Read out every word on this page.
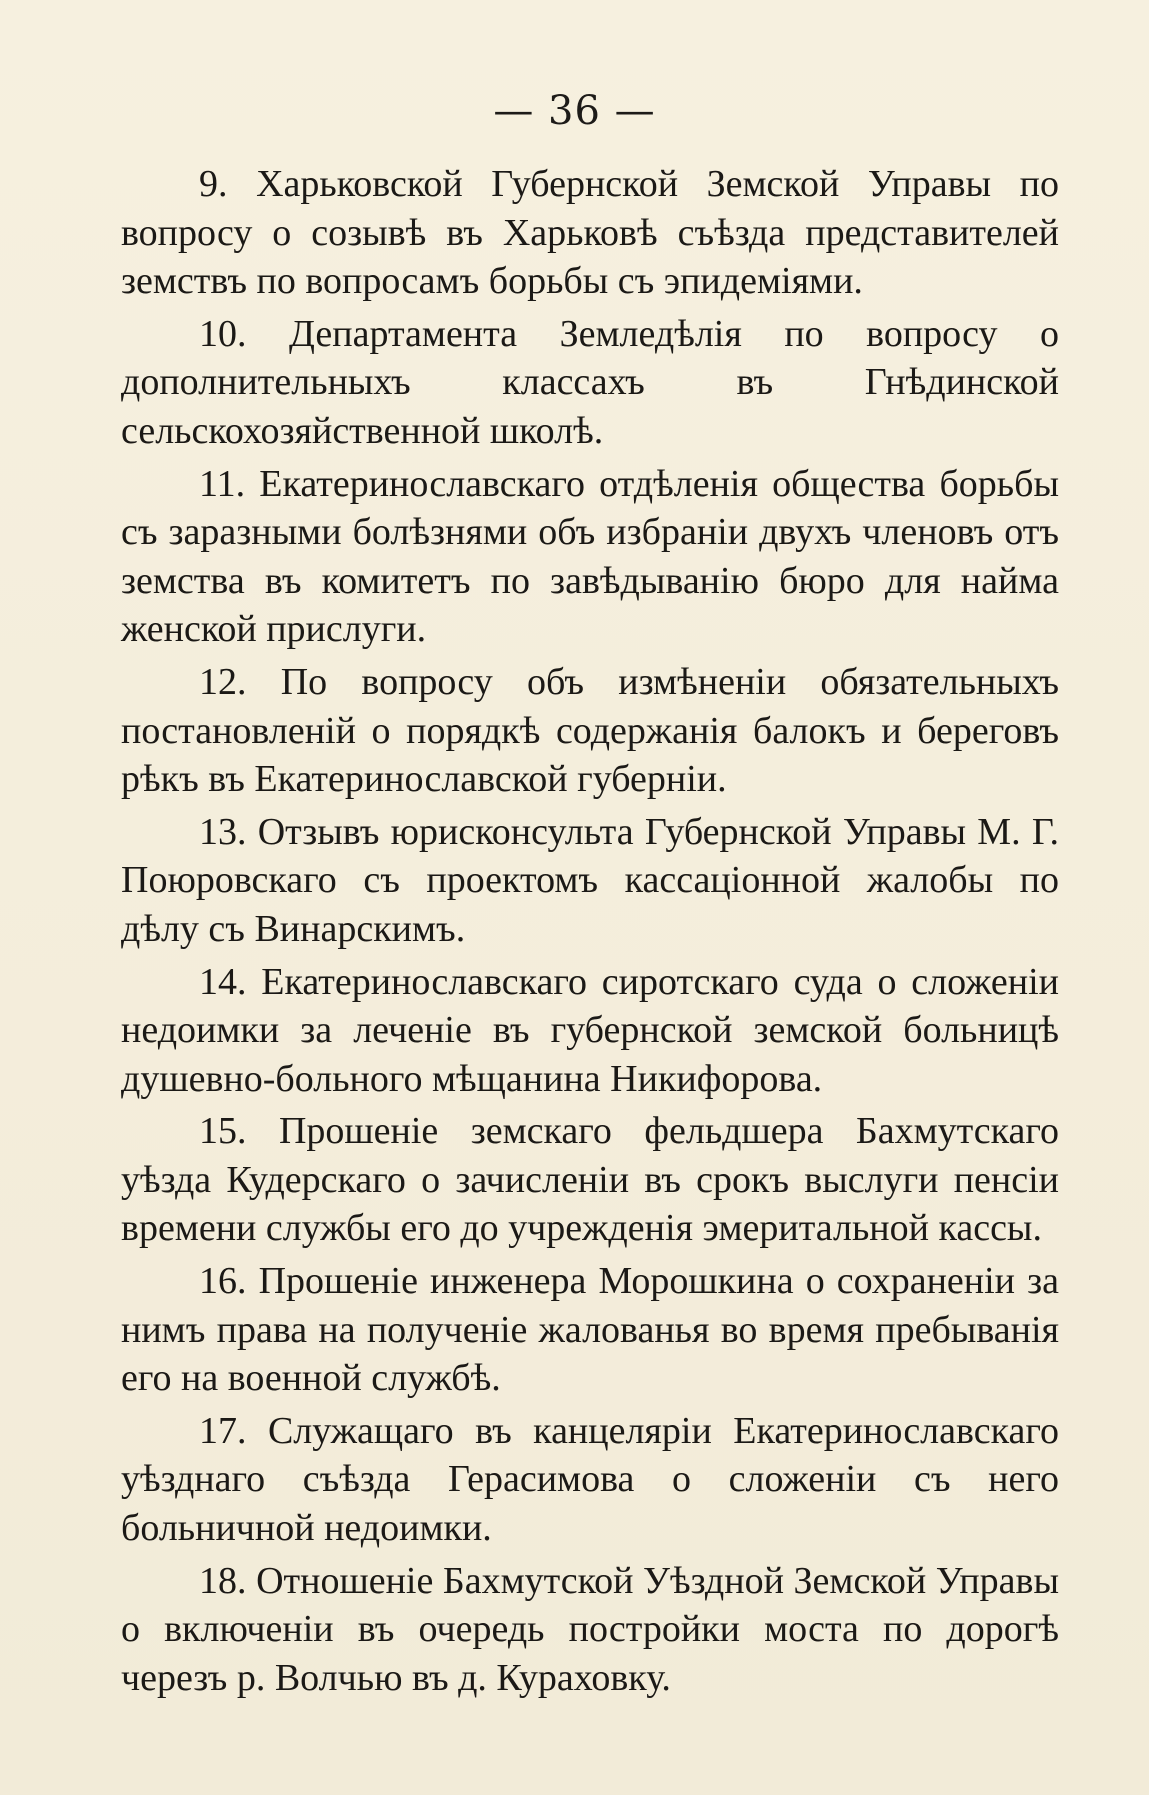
— 36 —

9. Харьковской Губернской Земской Управы по вопросу о созывѣ въ Харьковѣ съѣзда представителей земствъ по вопросамъ борьбы съ эпидеміями.

10. Департамента Земледѣлія по вопросу о дополнительныхъ классахъ въ Гнѣдинской сельскохозяйственной школѣ.

11. Екатеринославскаго отдѣленія общества борьбы съ заразными болѣзнями объ избраніи двухъ членовъ отъ земства въ комитетъ по завѣдыванію бюро для найма женской прислуги.

12. По вопросу объ измѣненіи обязательныхъ постановленій о порядкѣ содержанія балокъ и береговъ рѣкъ въ Екатеринославской губерніи.

13. Отзывъ юрисконсульта Губернской Управы М. Г. Поюровскаго съ проектомъ кассаціонной жалобы по дѣлу съ Винарскимъ.

14. Екатеринославскаго сиротскаго суда о сложеніи недоимки за леченіе въ губернской земской больницѣ душевно-больного мѣщанина Никифорова.

15. Прошеніе земскаго фельдшера Бахмутскаго уѣзда Кудерскаго о зачисленіи въ срокъ выслуги пенсіи времени службы его до учрежденія эмеритальной кассы.

16. Прошеніе инженера Морошкина о сохраненіи за нимъ права на полученіе жалованья во время пребыванія его на военной службѣ.

17. Служащаго въ канцеляріи Екатеринославскаго уѣзднаго съѣзда Герасимова о сложеніи съ него больничной недоимки.

18. Отношеніе Бахмутской Уѣздной Земской Управы о включеніи въ очередь постройки моста по дорогѣ черезъ р. Волчью въ д. Кураховку.
